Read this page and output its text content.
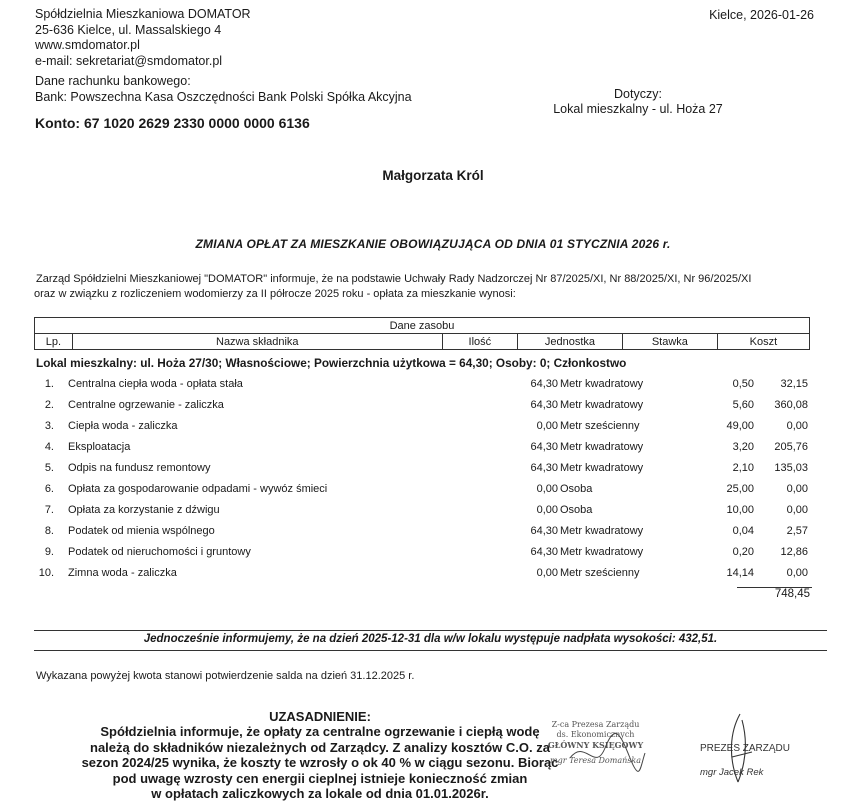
Spółdzielnia Mieszkaniowa DOMATOR
25-636 Kielce, ul. Massalskiego 4
www.smdomator.pl
e-mail: sekretariat@smdomator.pl
Kielce, 2026-01-26
Dane rachunku bankowego:
Bank: Powszechna Kasa Oszczędności Bank Polski Spółka Akcyjna
Konto: 67 1020 2629 2330 0000 0000 6136
Dotyczy:
Lokal mieszkalny - ul. Hoża 27
Małgorzata Król
ZMIANA OPŁAT ZA MIESZKANIE OBOWIĄZUJĄCA OD DNIA 01 STYCZNIA 2026 r.
Zarząd Spółdzielni Mieszkaniowej "DOMATOR" informuje, że na podstawie Uchwały Rady Nadzorczej Nr 87/2025/XI, Nr 88/2025/XI, Nr 96/2025/XI
oraz w związku z rozliczeniem wodomierzy za II półrocze 2025 roku - opłata za mieszkanie wynosi:
Dane zasobu
Lp.	Nazwa składnika	Ilość	Jednostka	Stawka	Koszt
Lokal mieszkalny: ul. Hoża 27/30; Własnościowe; Powierzchnia użytkowa = 64,30; Osoby: 0; Członkostwo
1. Centralna ciepła woda - opłata stała	64,30 Metr kwadratowy	0,50	32,15
2. Centralne ogrzewanie - zaliczka	64,30 Metr kwadratowy	5,60	360,08
3. Ciepła woda - zaliczka	0,00 Metr sześcienny	49,00	0,00
4. Eksploatacja	64,30 Metr kwadratowy	3,20	205,76
5. Odpis na fundusz remontowy	64,30 Metr kwadratowy	2,10	135,03
6. Opłata za gospodarowanie odpadami - wywóz śmieci	0,00 Osoba	25,00	0,00
7. Opłata za korzystanie z dźwigu	0,00 Osoba	10,00	0,00
8. Podatek od mienia wspólnego	64,30 Metr kwadratowy	0,04	2,57
9. Podatek od nieruchomości i gruntowy	64,30 Metr kwadratowy	0,20	12,86
10. Zimna woda - zaliczka	0,00 Metr sześcienny	14,14	0,00
748,45
Jednocześnie informujemy, że na dzień 2025-12-31 dla w/w lokalu występuje nadpłata wysokości: 432,51.
Wykazana powyżej kwota stanowi potwierdzenie salda na dzień 31.12.2025 r.
UZASADNIENIE:
Spółdzielnia informuje, że opłaty za centralne ogrzewanie i ciepłą wodę
należą do składników niezależnych od Zarządcy. Z analizy kosztów C.O. za
sezon 2024/25 wynika, że koszty te wzrosły o ok 40 % w ciągu sezonu. Biorąc
pod uwagę wzrosty cen energii cieplnej istnieje konieczność zmian
w opłatach zaliczkowych za lokale od dnia 01.01.2026r.
Z-ca Prezesa Zarządu
ds. Ekonomicznych
GŁÓWNY KSIĘGOWY
mgr Teresa Domańska
PREZES ZARZĄDU
mgr Jacek Rek
